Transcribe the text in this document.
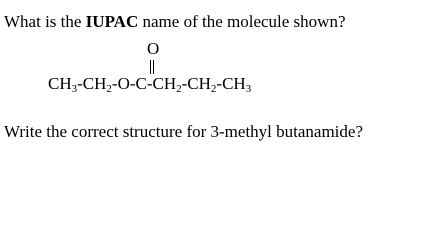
What is the IUPAC name of the molecule shown?

O
$CH_3-CH_2-O-C-CH_2-CH_2-CH_3$

Write the correct structure for 3-methyl butanamide?
